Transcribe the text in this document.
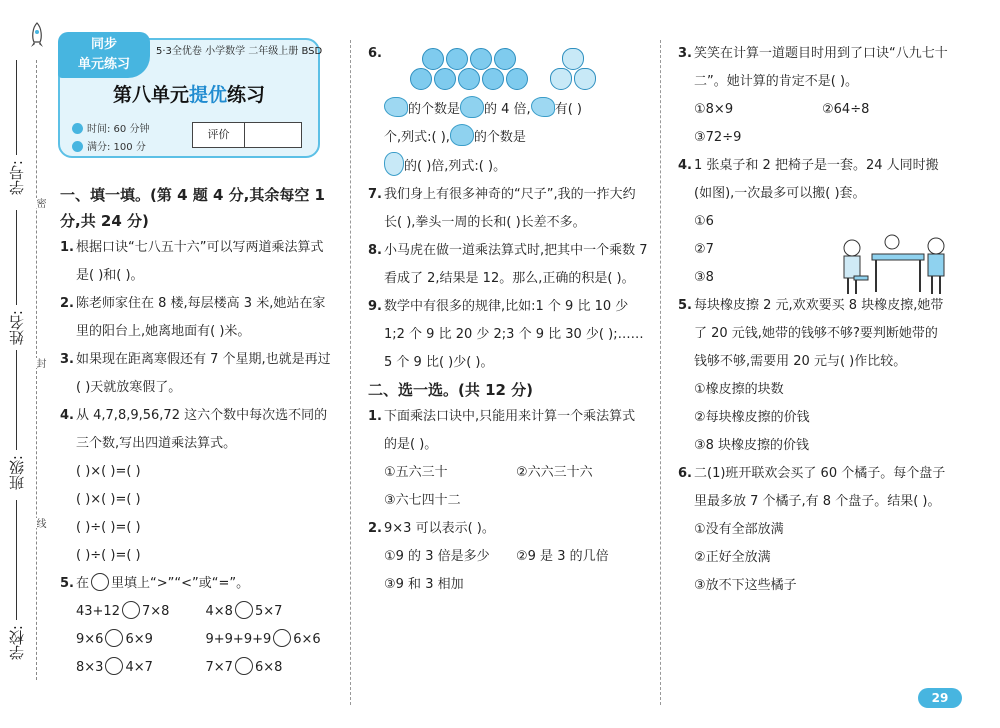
学号:
姓名:
班级:
学校:
密
封
线
同步
单元练习
5·3全优卷 小学数学 二年级上册 BSD
第八单元提优练习
时间: 60 分钟
满分: 100 分
评价
一、填一填。(第 4 题 4 分,其余每空 1 分,共 24 分)
1. 根据口诀“七八五十六”可以写两道乘法算式是( )和( )。
2. 陈老师家住在 8 楼,每层楼高 3 米,她站在家里的阳台上,她离地面有( )米。
3. 如果现在距离寒假还有 7 个星期,也就是再过( )天就放寒假了。
4. 从 4,7,8,9,56,72 这六个数中每次选不同的三个数,写出四道乘法算式。
( )×( )=( )
( )×( )=( )
( )÷( )=( )
( )÷( )=( )
5. 在 里填上“>”“<”或“=”。
43+12 7×8	4×8 5×7
9×6 6×9	9+9+9+9 6×6
8×3 4×7	7×7 6×8
6.
的个数是 的 4 倍, 有( )
个,列式:( ), 的个数是
的( )倍,列式:( )。
7. 我们身上有很多神奇的“尺子”,我的一拃大约长( ),拳头一周的长和( )长差不多。
8. 小马虎在做一道乘法算式时,把其中一个乘数 7 看成了 2,结果是 12。那么,正确的积是( )。
9. 数学中有很多的规律,比如:1 个 9 比 10 少 1;2 个 9 比 20 少 2;3 个 9 比 30 少( );……5 个 9 比( )少( )。
二、选一选。(共 12 分)
1. 下面乘法口诀中,只能用来计算一个乘法算式的是( )。
①五六三十	②六六三十六
③六七四十二
2. 9×3 可以表示( )。
①9 的 3 倍是多少	②9 是 3 的几倍
③9 和 3 相加
3. 笑笑在计算一道题目时用到了口诀“八九七十二”。她计算的肯定不是( )。
①8×9	②64÷8
③72÷9
4. 1 张桌子和 2 把椅子是一套。24 人同时搬(如图),一次最多可以搬( )套。
①6
②7
③8
5. 每块橡皮擦 2 元,欢欢要买 8 块橡皮擦,她带了 20 元钱,她带的钱够不够?要判断她带的钱够不够,需要用 20 元与( )作比较。
①橡皮擦的块数
②每块橡皮擦的价钱
③8 块橡皮擦的价钱
6. 二(1)班开联欢会买了 60 个橘子。每个盘子里最多放 7 个橘子,有 8 个盘子。结果( )。
①没有全部放满
②正好全放满
③放不下这些橘子
29
